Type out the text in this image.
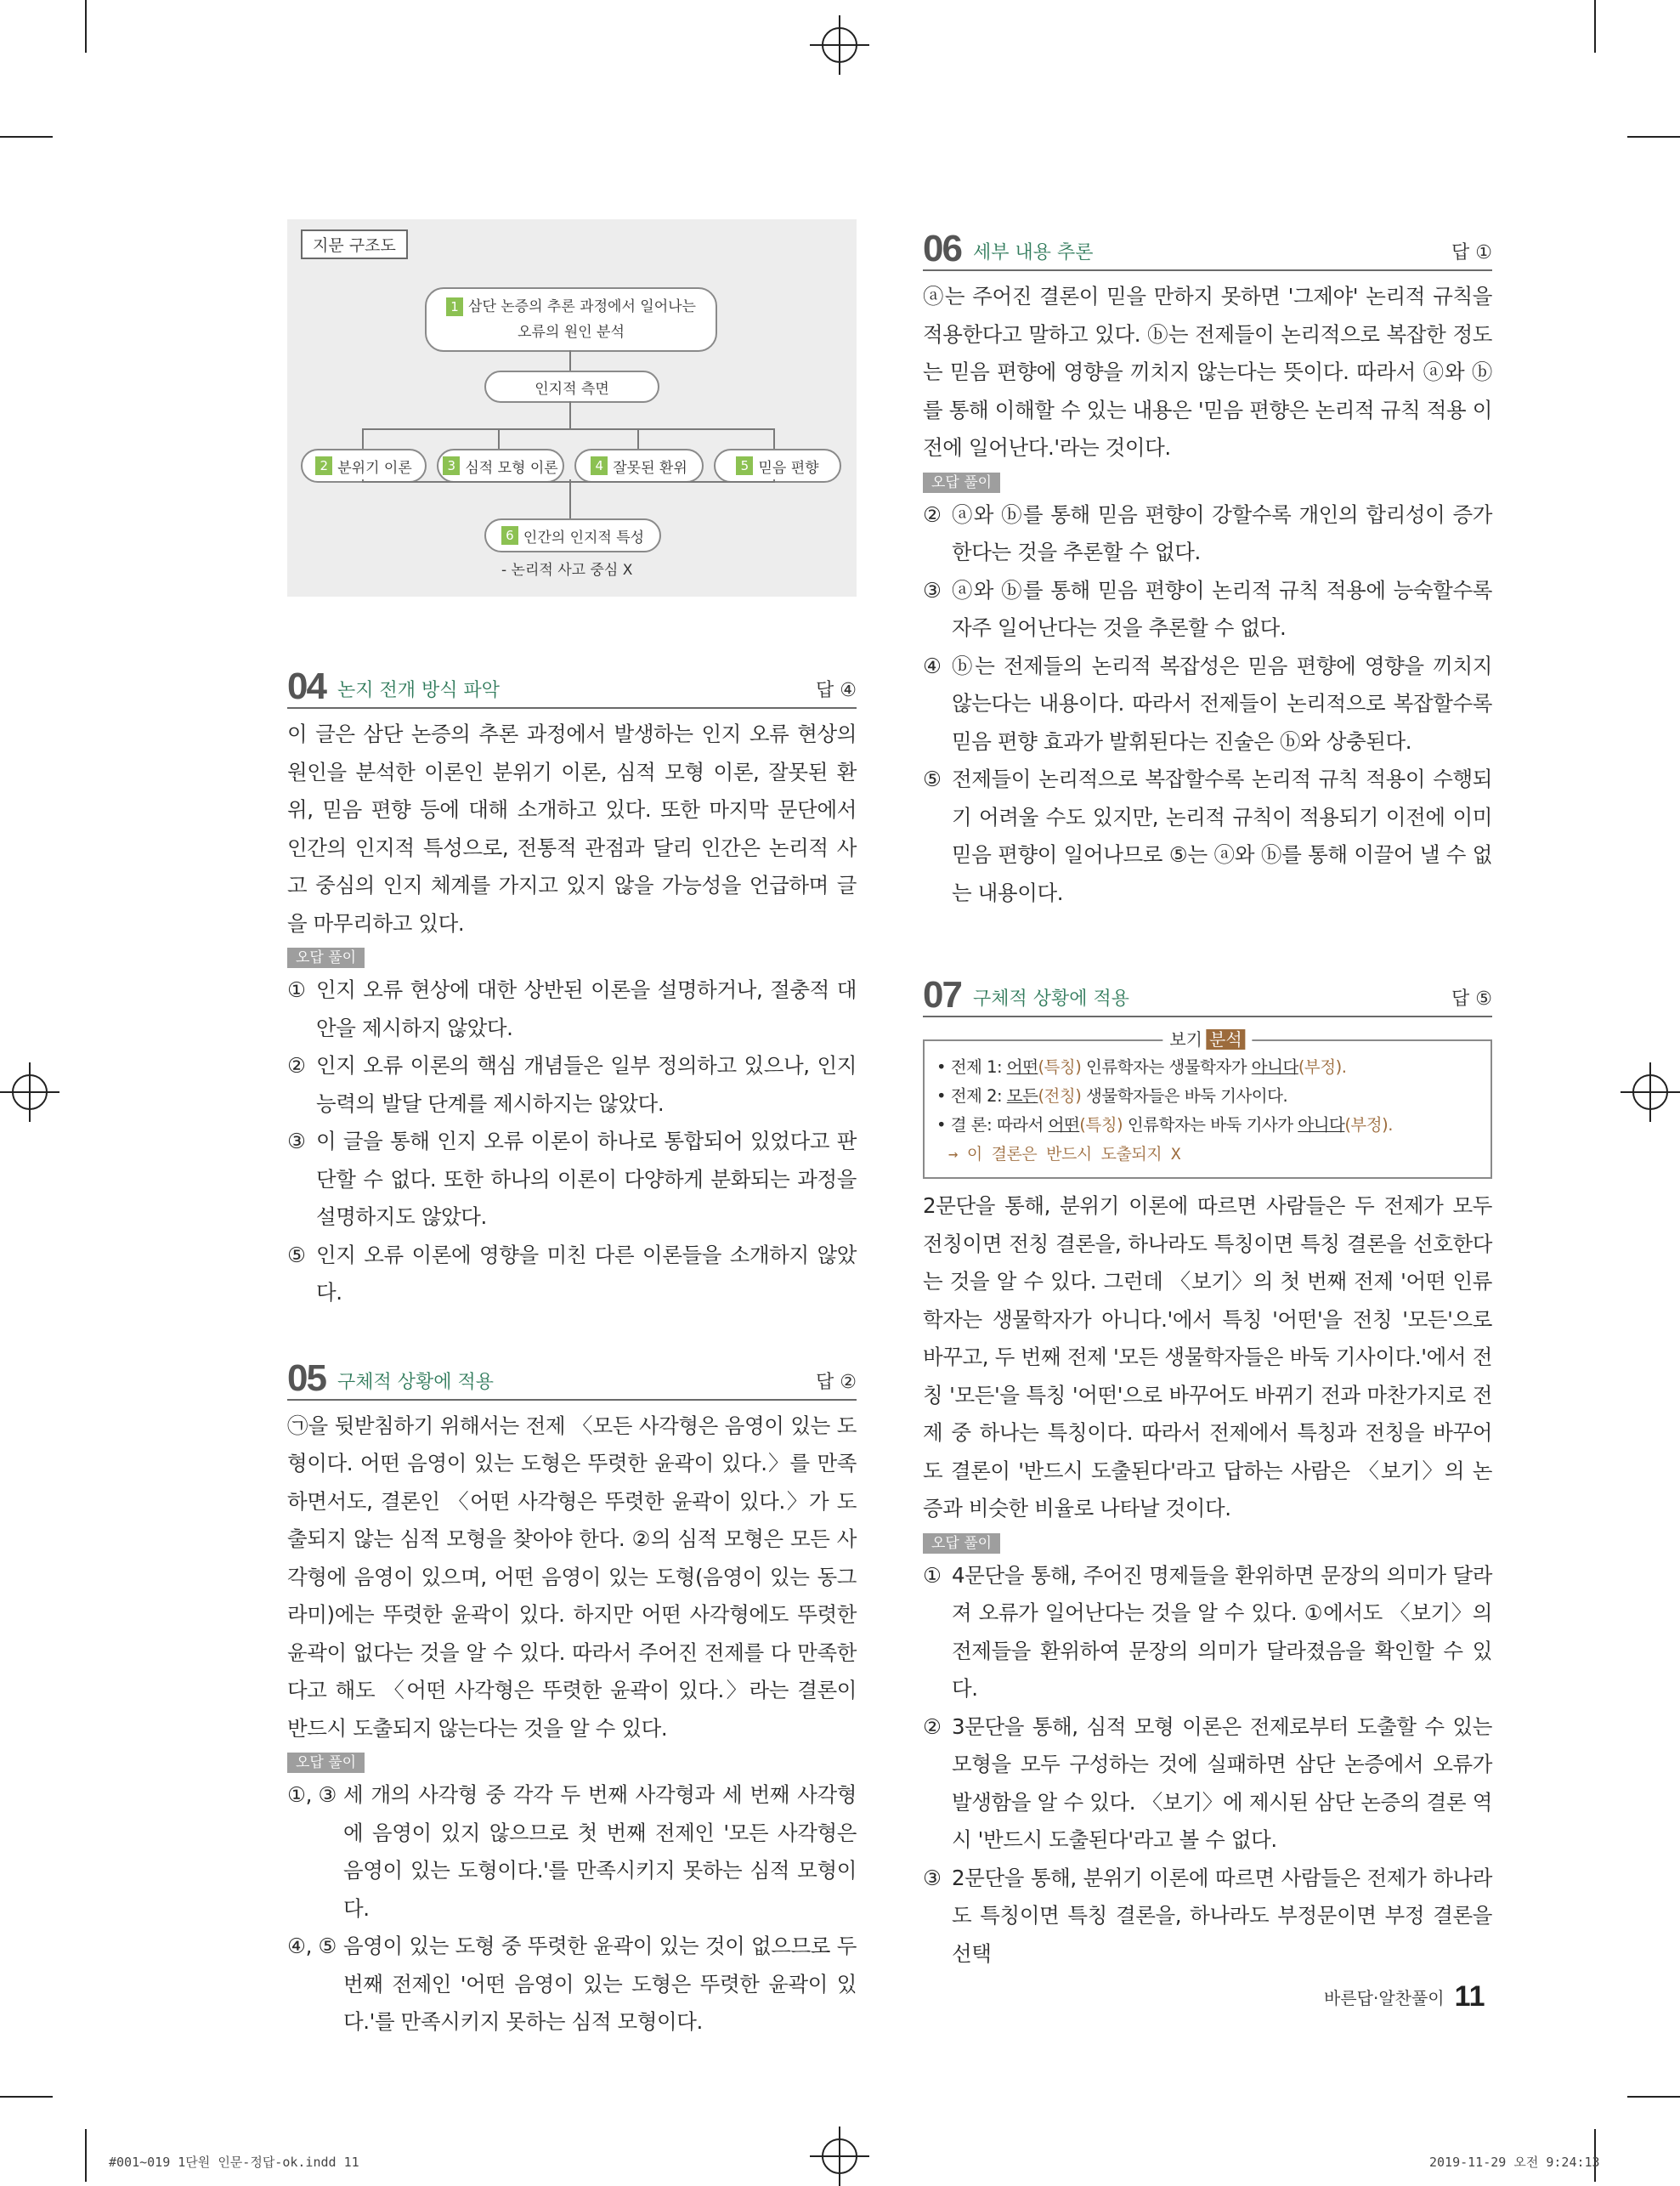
지문 구조도
1 삼단 논증의 추론 과정에서 일어나는
오류의 원인 분석
인지적 측면
2 분위기 이론	3 심적 모형 이론	4 잘못된 환위	5 믿음 편향
6 인간의 인지적 특성
- 논리적 사고 중심 X
04 논지 전개 방식 파악	답 ④

이 글은 삼단 논증의 추론 과정에서 발생하는 인지 오류 현상의 원인을 분석한 이론인 분위기 이론, 심적 모형 이론, 잘못된 환위, 믿음 편향 등에 대해 소개하고 있다. 또한 마지막 문단에서 인간의 인지적 특성으로, 전통적 관점과 달리 인간은 논리적 사고 중심의 인지 체계를 가지고 있지 않을 가능성을 언급하며 글을 마무리하고 있다.

오답 풀이
① 인지 오류 현상에 대한 상반된 이론을 설명하거나, 절충적 대안을 제시하지 않았다.
② 인지 오류 이론의 핵심 개념들은 일부 정의하고 있으나, 인지 능력의 발달 단계를 제시하지는 않았다.
③ 이 글을 통해 인지 오류 이론이 하나로 통합되어 있었다고 판단할 수 없다. 또한 하나의 이론이 다양하게 분화되는 과정을 설명하지도 않았다.
⑤ 인지 오류 이론에 영향을 미친 다른 이론들을 소개하지 않았다.
05 구체적 상황에 적용	답 ②

㉠을 뒷받침하기 위해서는 전제 〈모든 사각형은 음영이 있는 도형이다. 어떤 음영이 있는 도형은 뚜렷한 윤곽이 있다.〉를 만족하면서도, 결론인 〈어떤 사각형은 뚜렷한 윤곽이 있다.〉가 도출되지 않는 심적 모형을 찾아야 한다. ②의 심적 모형은 모든 사각형에 음영이 있으며, 어떤 음영이 있는 도형(음영이 있는 동그라미)에는 뚜렷한 윤곽이 있다. 하지만 어떤 사각형에도 뚜렷한 윤곽이 없다는 것을 알 수 있다. 따라서 주어진 전제를 다 만족한다고 해도 〈어떤 사각형은 뚜렷한 윤곽이 있다.〉라는 결론이 반드시 도출되지 않는다는 것을 알 수 있다.

오답 풀이
①, ③ 세 개의 사각형 중 각각 두 번째 사각형과 세 번째 사각형에 음영이 있지 않으므로 첫 번째 전제인 '모든 사각형은 음영이 있는 도형이다.'를 만족시키지 못하는 심적 모형이다.
④, ⑤ 음영이 있는 도형 중 뚜렷한 윤곽이 있는 것이 없으므로 두 번째 전제인 '어떤 음영이 있는 도형은 뚜렷한 윤곽이 있다.'를 만족시키지 못하는 심적 모형이다.
06 세부 내용 추론	답 ①

ⓐ는 주어진 결론이 믿을 만하지 못하면 '그제야' 논리적 규칙을 적용한다고 말하고 있다. ⓑ는 전제들이 논리적으로 복잡한 정도는 믿음 편향에 영향을 끼치지 않는다는 뜻이다. 따라서 ⓐ와 ⓑ를 통해 이해할 수 있는 내용은 '믿음 편향은 논리적 규칙 적용 이전에 일어난다.'라는 것이다.

오답 풀이
② ⓐ와 ⓑ를 통해 믿음 편향이 강할수록 개인의 합리성이 증가한다는 것을 추론할 수 없다.
③ ⓐ와 ⓑ를 통해 믿음 편향이 논리적 규칙 적용에 능숙할수록 자주 일어난다는 것을 추론할 수 없다.
④ ⓑ는 전제들의 논리적 복잡성은 믿음 편향에 영향을 끼치지 않는다는 내용이다. 따라서 전제들이 논리적으로 복잡할수록 믿음 편향 효과가 발휘된다는 진술은 ⓑ와 상충된다.
⑤ 전제들이 논리적으로 복잡할수록 논리적 규칙 적용이 수행되기 어려울 수도 있지만, 논리적 규칙이 적용되기 이전에 이미 믿음 편향이 일어나므로 ⑤는 ⓐ와 ⓑ를 통해 이끌어 낼 수 없는 내용이다.
07 구체적 상황에 적용	답 ⑤
보기 분석
• 전제 1: 어떤(특칭) 인류학자는 생물학자가 아니다(부정).
• 전제 2: 모든(전칭) 생물학자들은 바둑 기사이다.
• 결 론: 따라서 어떤(특칭) 인류학자는 바둑 기사가 아니다(부정).
→ 이 결론은 반드시 도출되지 X

2문단을 통해, 분위기 이론에 따르면 사람들은 두 전제가 모두 전칭이면 전칭 결론을, 하나라도 특칭이면 특칭 결론을 선호한다는 것을 알 수 있다. 그런데 〈보기〉의 첫 번째 전제 '어떤 인류학자는 생물학자가 아니다.'에서 특칭 '어떤'을 전칭 '모든'으로 바꾸고, 두 번째 전제 '모든 생물학자들은 바둑 기사이다.'에서 전칭 '모든'을 특칭 '어떤'으로 바꾸어도 바뀌기 전과 마찬가지로 전제 중 하나는 특칭이다. 따라서 전제에서 특칭과 전칭을 바꾸어도 결론이 '반드시 도출된다'라고 답하는 사람은 〈보기〉의 논증과 비슷한 비율로 나타날 것이다.

오답 풀이
① 4문단을 통해, 주어진 명제들을 환위하면 문장의 의미가 달라져 오류가 일어난다는 것을 알 수 있다. ①에서도 〈보기〉의 전제들을 환위하여 문장의 의미가 달라졌음을 확인할 수 있다.
② 3문단을 통해, 심적 모형 이론은 전제로부터 도출할 수 있는 모형을 모두 구성하는 것에 실패하면 삼단 논증에서 오류가 발생함을 알 수 있다. 〈보기〉에 제시된 삼단 논증의 결론 역시 '반드시 도출된다'라고 볼 수 없다.
③ 2문단을 통해, 분위기 이론에 따르면 사람들은 전제가 하나라도 특칭이면 특칭 결론을, 하나라도 부정문이면 부정 결론을 선택
바른답·알찬풀이 11
#001~019 1단원 인문-정답-ok.indd 11	2019-11-29 오전 9:24:13
